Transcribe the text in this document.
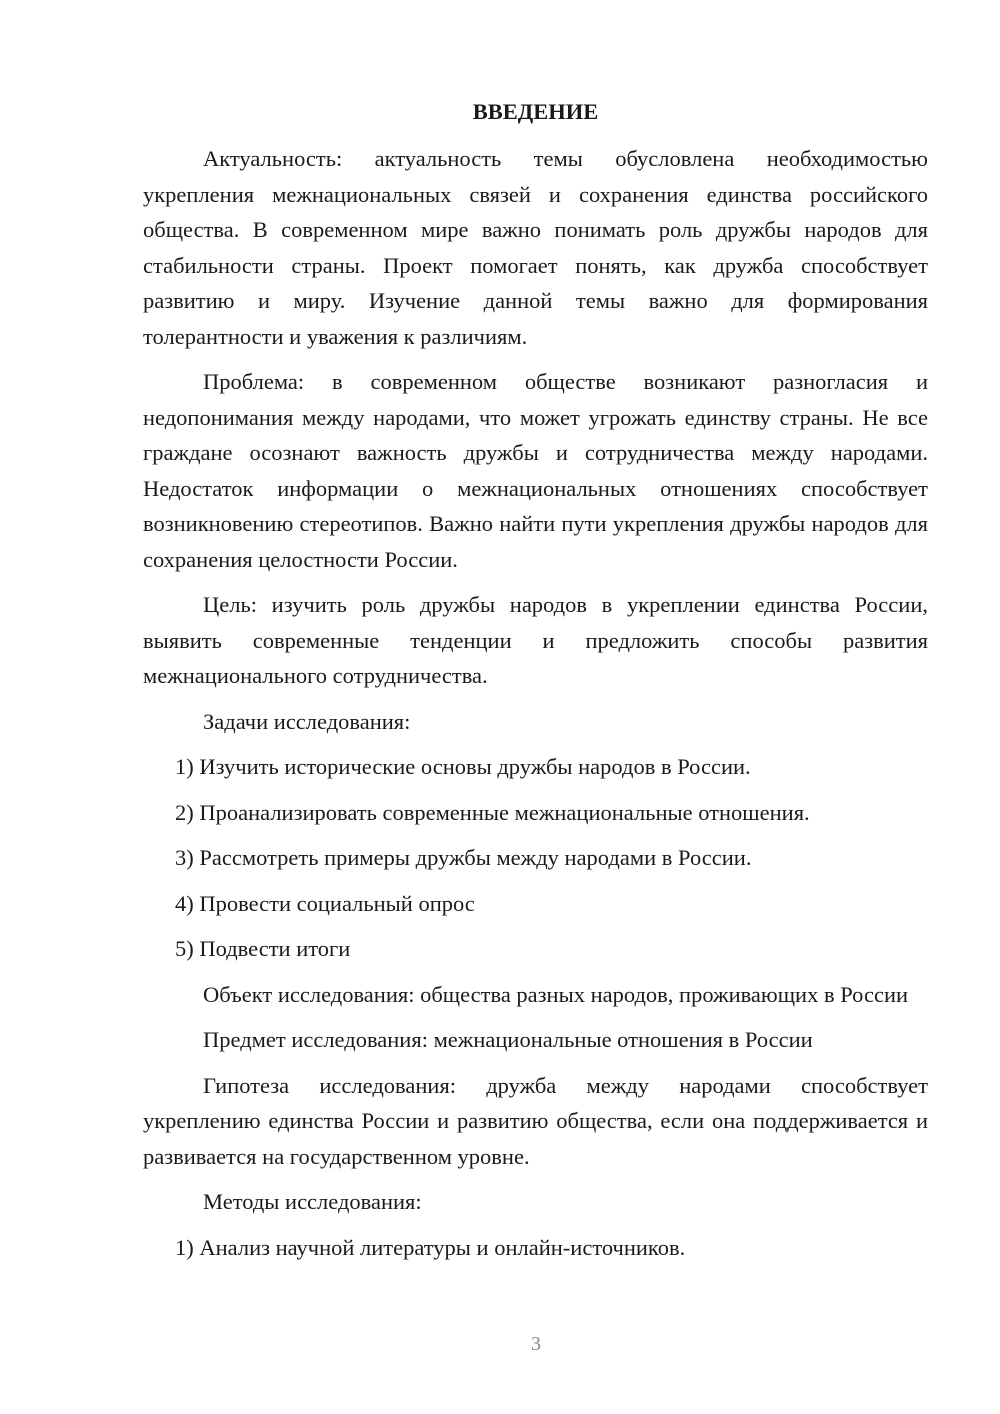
ВВЕДЕНИЕ

Актуальность: актуальность темы обусловлена необходимостью укрепления межнациональных связей и сохранения единства российского общества. В современном мире важно понимать роль дружбы народов для стабильности страны. Проект помогает понять, как дружба способствует развитию и миру. Изучение данной темы важно для формирования толерантности и уважения к различиям.

Проблема: в современном обществе возникают разногласия и недопонимания между народами, что может угрожать единству страны. Не все граждане осознают важность дружбы и сотрудничества между народами. Недостаток информации о межнациональных отношениях способствует возникновению стереотипов. Важно найти пути укрепления дружбы народов для сохранения целостности России.

Цель: изучить роль дружбы народов в укреплении единства России, выявить современные тенденции и предложить способы развития межнационального сотрудничества.

Задачи исследования:

1) Изучить исторические основы дружбы народов в России.

2) Проанализировать современные межнациональные отношения.

3) Рассмотреть примеры дружбы между народами в России.

4) Провести социальный опрос

5) Подвести итоги

Объект исследования: общества разных народов, проживающих в России

Предмет исследования: межнациональные отношения в России

Гипотеза исследования: дружба между народами способствует укреплению единства России и развитию общества, если она поддерживается и развивается на государственном уровне.

Методы исследования:

1) Анализ научной литературы и онлайн-источников.

3
